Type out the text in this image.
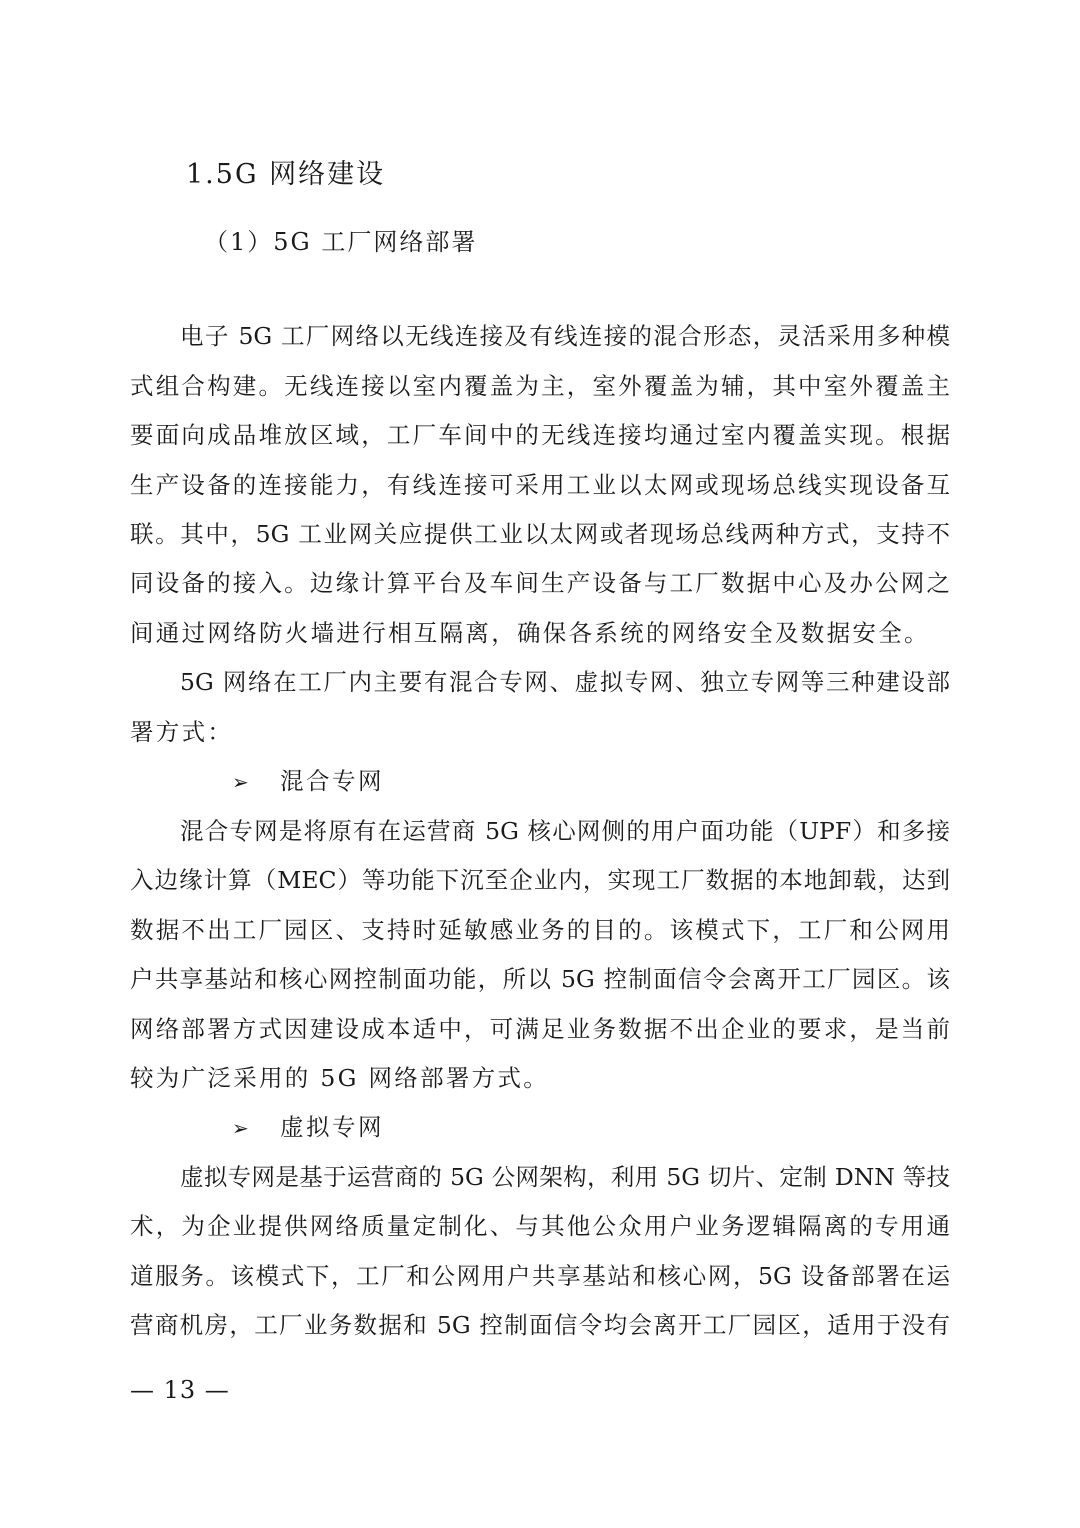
1.5G 网络建设
（1）5G 工厂网络部署
电子 5G 工厂网络以无线连接及有线连接的混合形态，灵活采用多种模
式组合构建。无线连接以室内覆盖为主，室外覆盖为辅，其中室外覆盖主
要面向成品堆放区域，工厂车间中的无线连接均通过室内覆盖实现。根据
生产设备的连接能力，有线连接可采用工业以太网或现场总线实现设备互
联。其中，5G 工业网关应提供工业以太网或者现场总线两种方式，支持不
同设备的接入。边缘计算平台及车间生产设备与工厂数据中心及办公网之
间通过网络防火墙进行相互隔离，确保各系统的网络安全及数据安全。
5G 网络在工厂内主要有混合专网、虚拟专网、独立专网等三种建设部
署方式：
➢ 混合专网
混合专网是将原有在运营商 5G 核心网侧的用户面功能（UPF）和多接
入边缘计算（MEC）等功能下沉至企业内，实现工厂数据的本地卸载，达到
数据不出工厂园区、支持时延敏感业务的目的。该模式下，工厂和公网用
户共享基站和核心网控制面功能，所以 5G 控制面信令会离开工厂园区。该
网络部署方式因建设成本适中，可满足业务数据不出企业的要求，是当前
较为广泛采用的 5G 网络部署方式。
➢ 虚拟专网
虚拟专网是基于运营商的 5G 公网架构，利用 5G 切片、定制 DNN 等技
术，为企业提供网络质量定制化、与其他公众用户业务逻辑隔离的专用通
道服务。该模式下，工厂和公网用户共享基站和核心网，5G 设备部署在运
营商机房，工厂业务数据和 5G 控制面信令均会离开工厂园区，适用于没有
— 13 —
